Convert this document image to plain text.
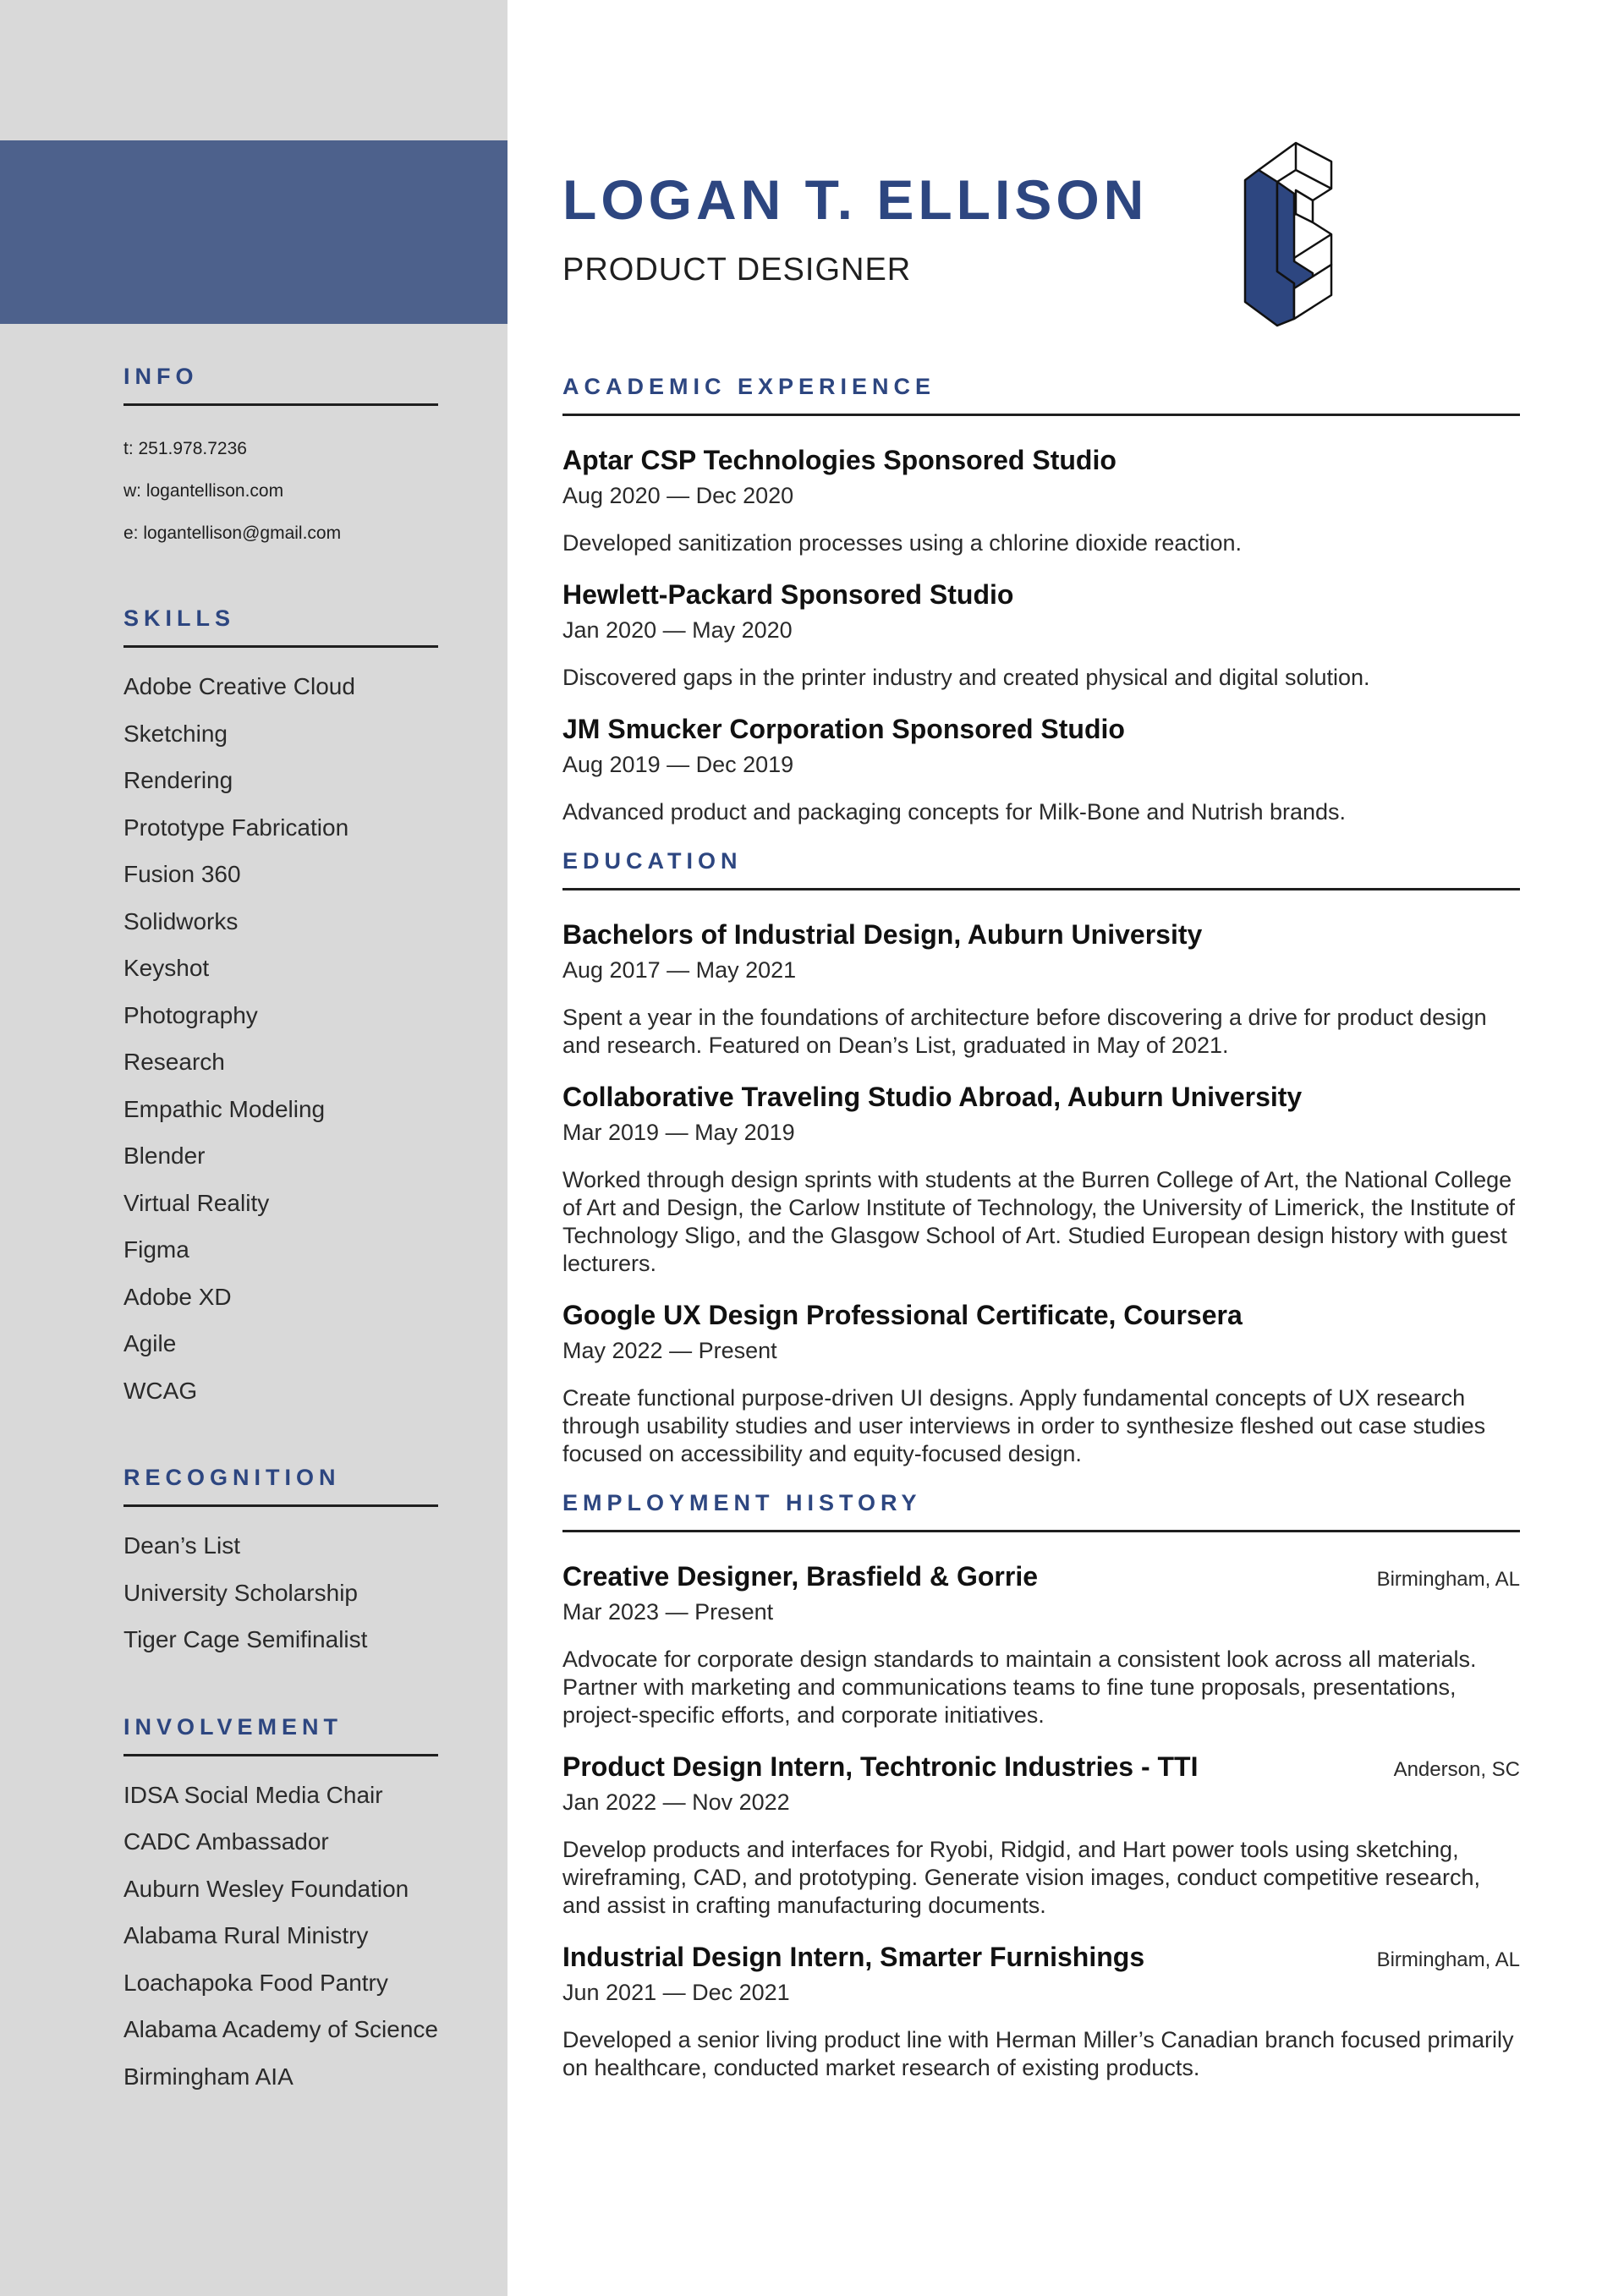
INFO
t: 251.978.7236
w: logantellison.com
e: logantellison@gmail.com
SKILLS
Adobe Creative Cloud
Sketching
Rendering
Prototype Fabrication
Fusion 360
Solidworks
Keyshot
Photography
Research
Empathic Modeling
Blender
Virtual Reality
Figma
Adobe XD
Agile
WCAG
RECOGNITION
Dean’s List
University Scholarship
Tiger Cage Semifinalist
INVOLVEMENT
IDSA Social Media Chair
CADC Ambassador
Auburn Wesley Foundation
Alabama Rural Ministry
Loachapoka Food Pantry
Alabama Academy of Science
Birmingham AIA
LOGAN T. ELLISON
PRODUCT DESIGNER
ACADEMIC EXPERIENCE
Aptar CSP Technologies Sponsored Studio
Aug 2020 — Dec 2020
Developed sanitization processes using a chlorine dioxide reaction.
Hewlett-Packard Sponsored Studio
Jan 2020 — May 2020
Discovered gaps in the printer industry and created physical and digital solution.
JM Smucker Corporation Sponsored Studio
Aug 2019 — Dec 2019
Advanced product and packaging concepts for Milk-Bone and Nutrish brands.
EDUCATION
Bachelors of Industrial Design, Auburn University
Aug 2017 — May 2021
Spent a year in the foundations of architecture before discovering a drive for product design and research. Featured on Dean’s List, graduated in May of 2021.
Collaborative Traveling Studio Abroad, Auburn University
Mar 2019 — May 2019
Worked through design sprints with students at the Burren College of Art, the National College of Art and Design, the Carlow Institute of Technology, the University of Limerick, the Institute of Technology Sligo, and the Glasgow School of Art. Studied European design history with guest lecturers.
Google UX Design Professional Certificate, Coursera
May 2022 — Present
Create functional purpose-driven UI designs. Apply fundamental concepts of UX research through usability studies and user interviews in order to synthesize fleshed out case studies focused on accessibility and equity-focused design.
EMPLOYMENT HISTORY
Creative Designer, Brasfield & Gorrie	Birmingham, AL
Mar 2023 — Present
Advocate for corporate design standards to maintain a consistent look across all materials. Partner with marketing and communications teams to fine tune proposals, presentations, project-specific efforts, and corporate initiatives.
Product Design Intern, Techtronic Industries - TTI	Anderson, SC
Jan 2022 — Nov 2022
Develop products and interfaces for Ryobi, Ridgid, and Hart power tools using sketching, wireframing, CAD, and prototyping. Generate vision images, conduct competitive research, and assist in crafting manufacturing documents.
Industrial Design Intern, Smarter Furnishings	Birmingham, AL
Jun 2021 — Dec 2021
Developed a senior living product line with Herman Miller’s Canadian branch focused primarily on healthcare, conducted market research of existing products.
